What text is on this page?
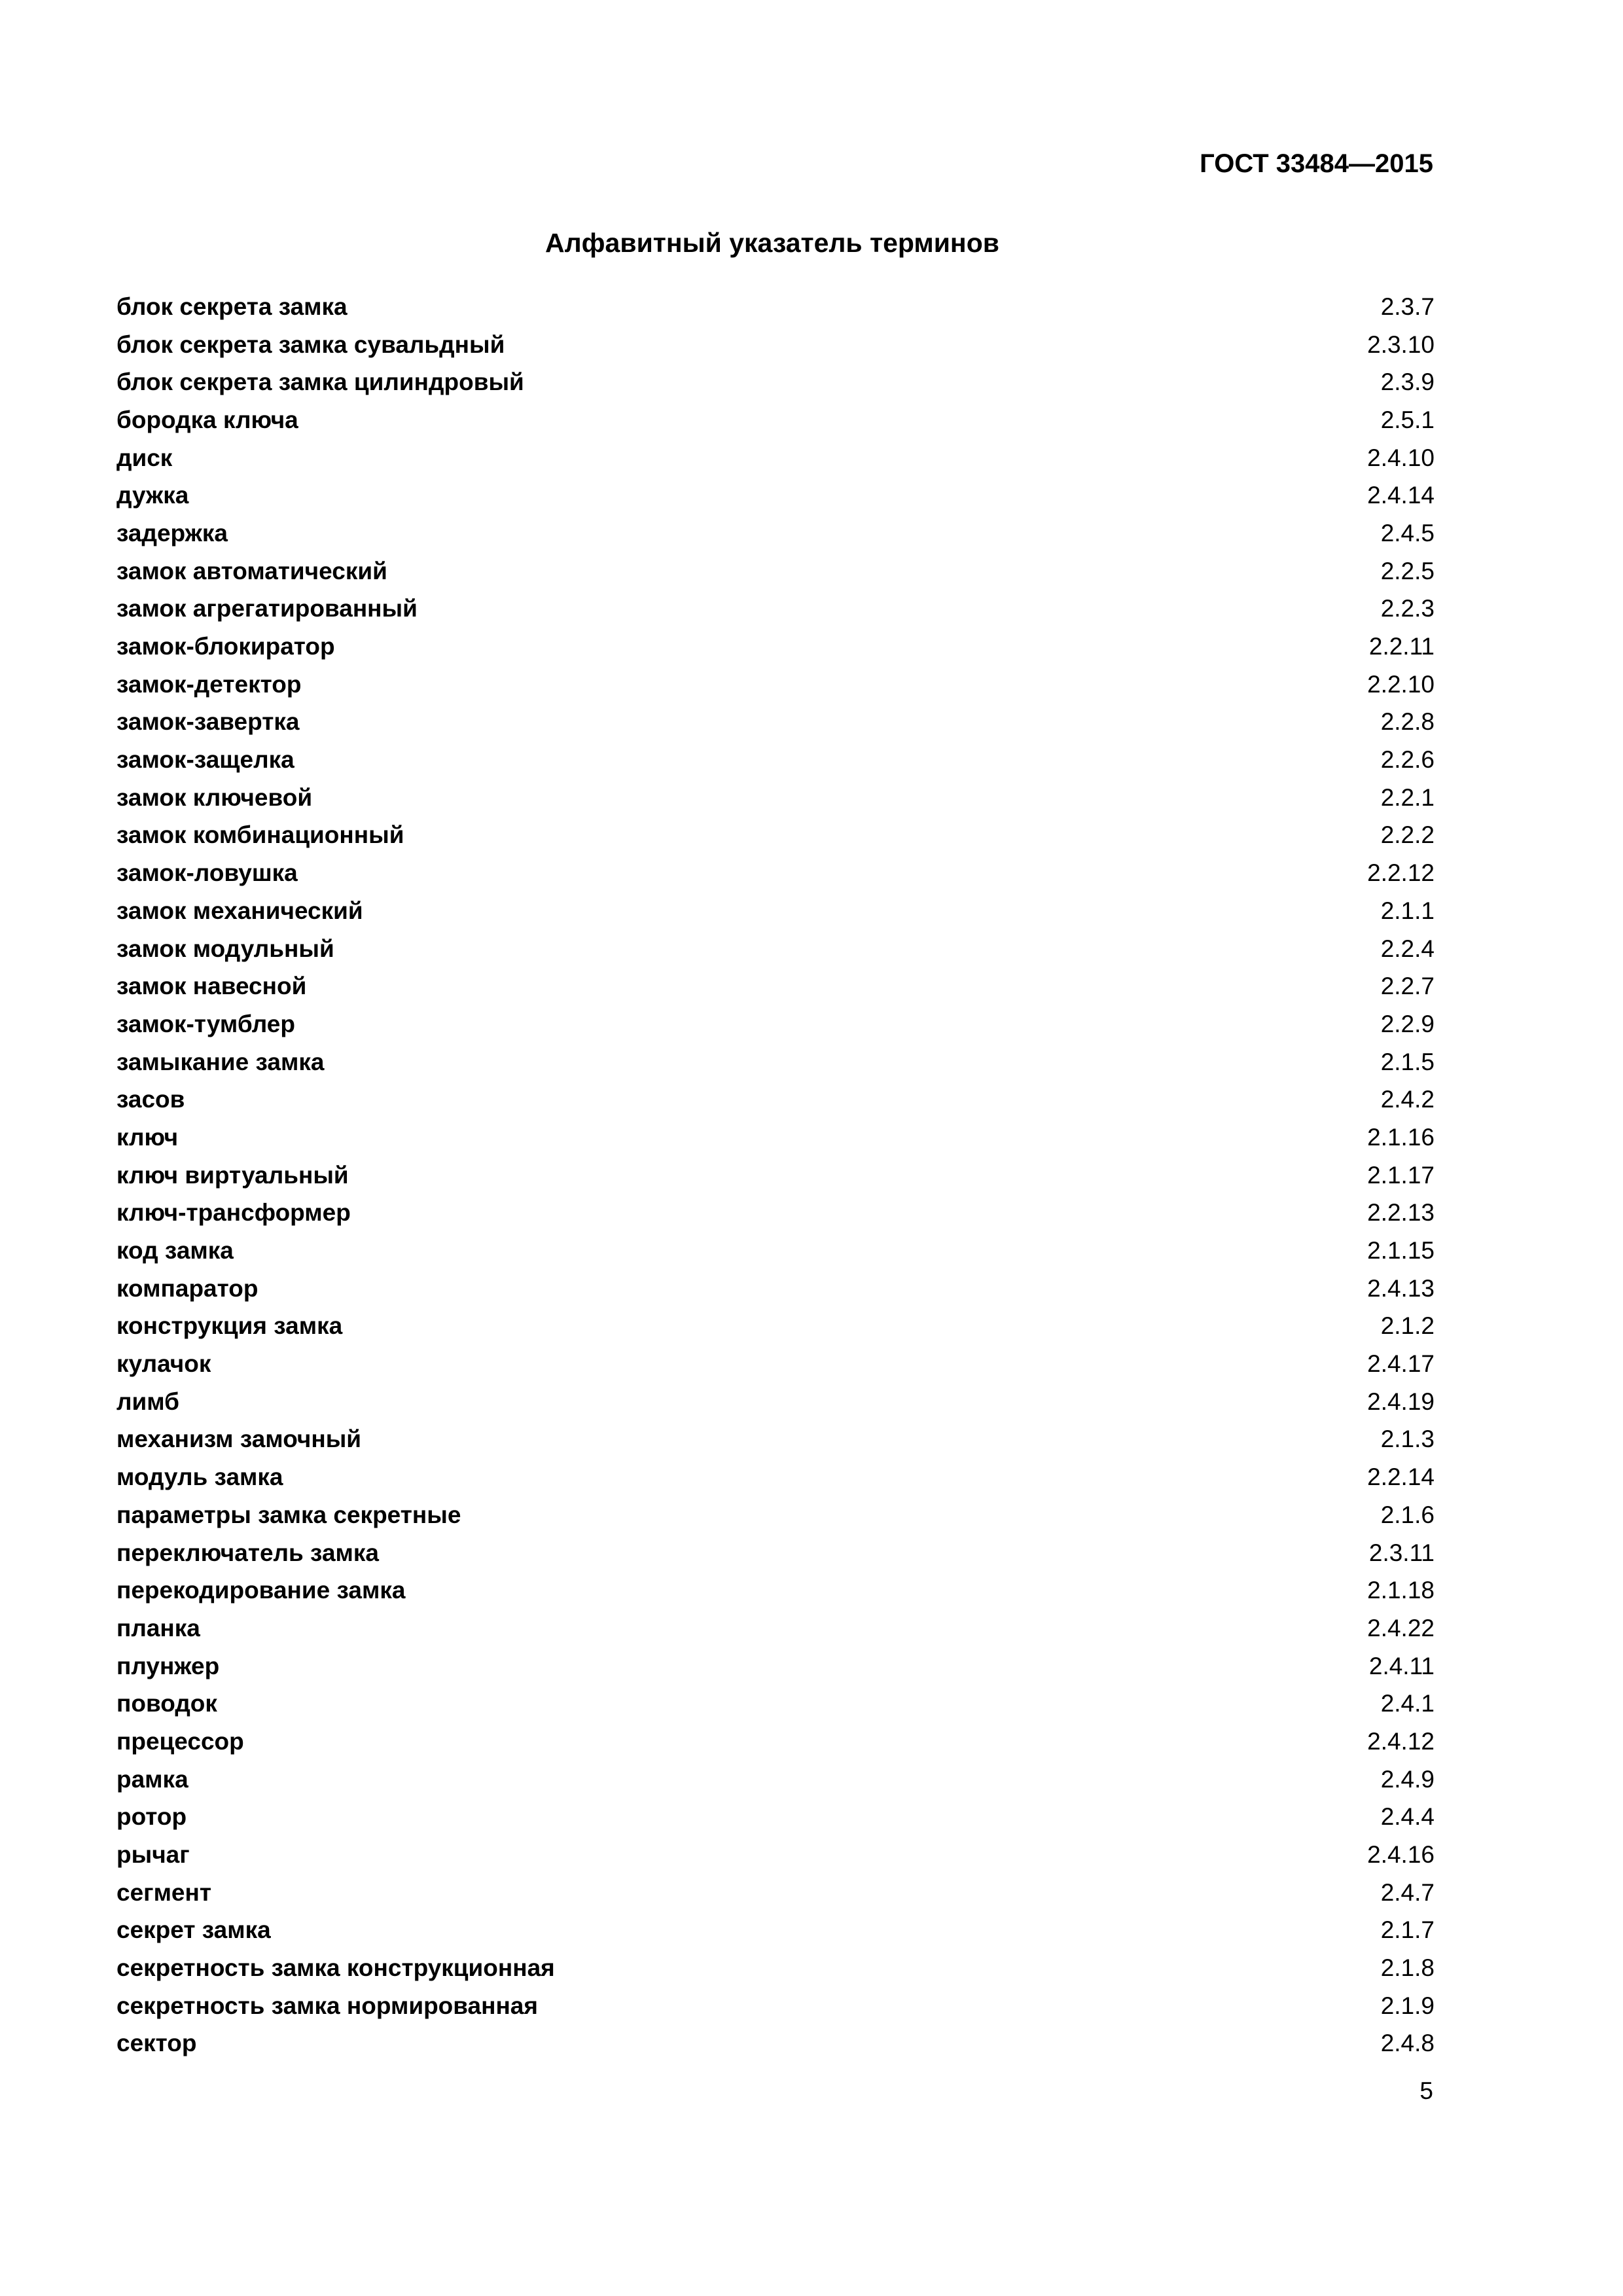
ГОСТ 33484—2015
Алфавитный указатель терминов
блок секрета замка	2.3.7
блок секрета замка сувальдный	2.3.10
блок секрета замка цилиндровый	2.3.9
бородка ключа	2.5.1
диск	2.4.10
дужка	2.4.14
задержка	2.4.5
замок автоматический	2.2.5
замок агрегатированный	2.2.3
замок-блокиратор	2.2.11
замок-детектор	2.2.10
замок-завертка	2.2.8
замок-защелка	2.2.6
замок ключевой	2.2.1
замок комбинационный	2.2.2
замок-ловушка	2.2.12
замок механический	2.1.1
замок модульный	2.2.4
замок навесной	2.2.7
замок-тумблер	2.2.9
замыкание замка	2.1.5
засов	2.4.2
ключ	2.1.16
ключ виртуальный	2.1.17
ключ-трансформер	2.2.13
код замка	2.1.15
компаратор	2.4.13
конструкция замка	2.1.2
кулачок	2.4.17
лимб	2.4.19
механизм замочный	2.1.3
модуль замка	2.2.14
параметры замка секретные	2.1.6
переключатель замка	2.3.11
перекодирование замка	2.1.18
планка	2.4.22
плунжер	2.4.11
поводок	2.4.1
прецессор	2.4.12
рамка	2.4.9
ротор	2.4.4
рычаг	2.4.16
сегмент	2.4.7
секрет замка	2.1.7
секретность замка конструкционная	2.1.8
секретность замка нормированная	2.1.9
сектор	2.4.8
5
